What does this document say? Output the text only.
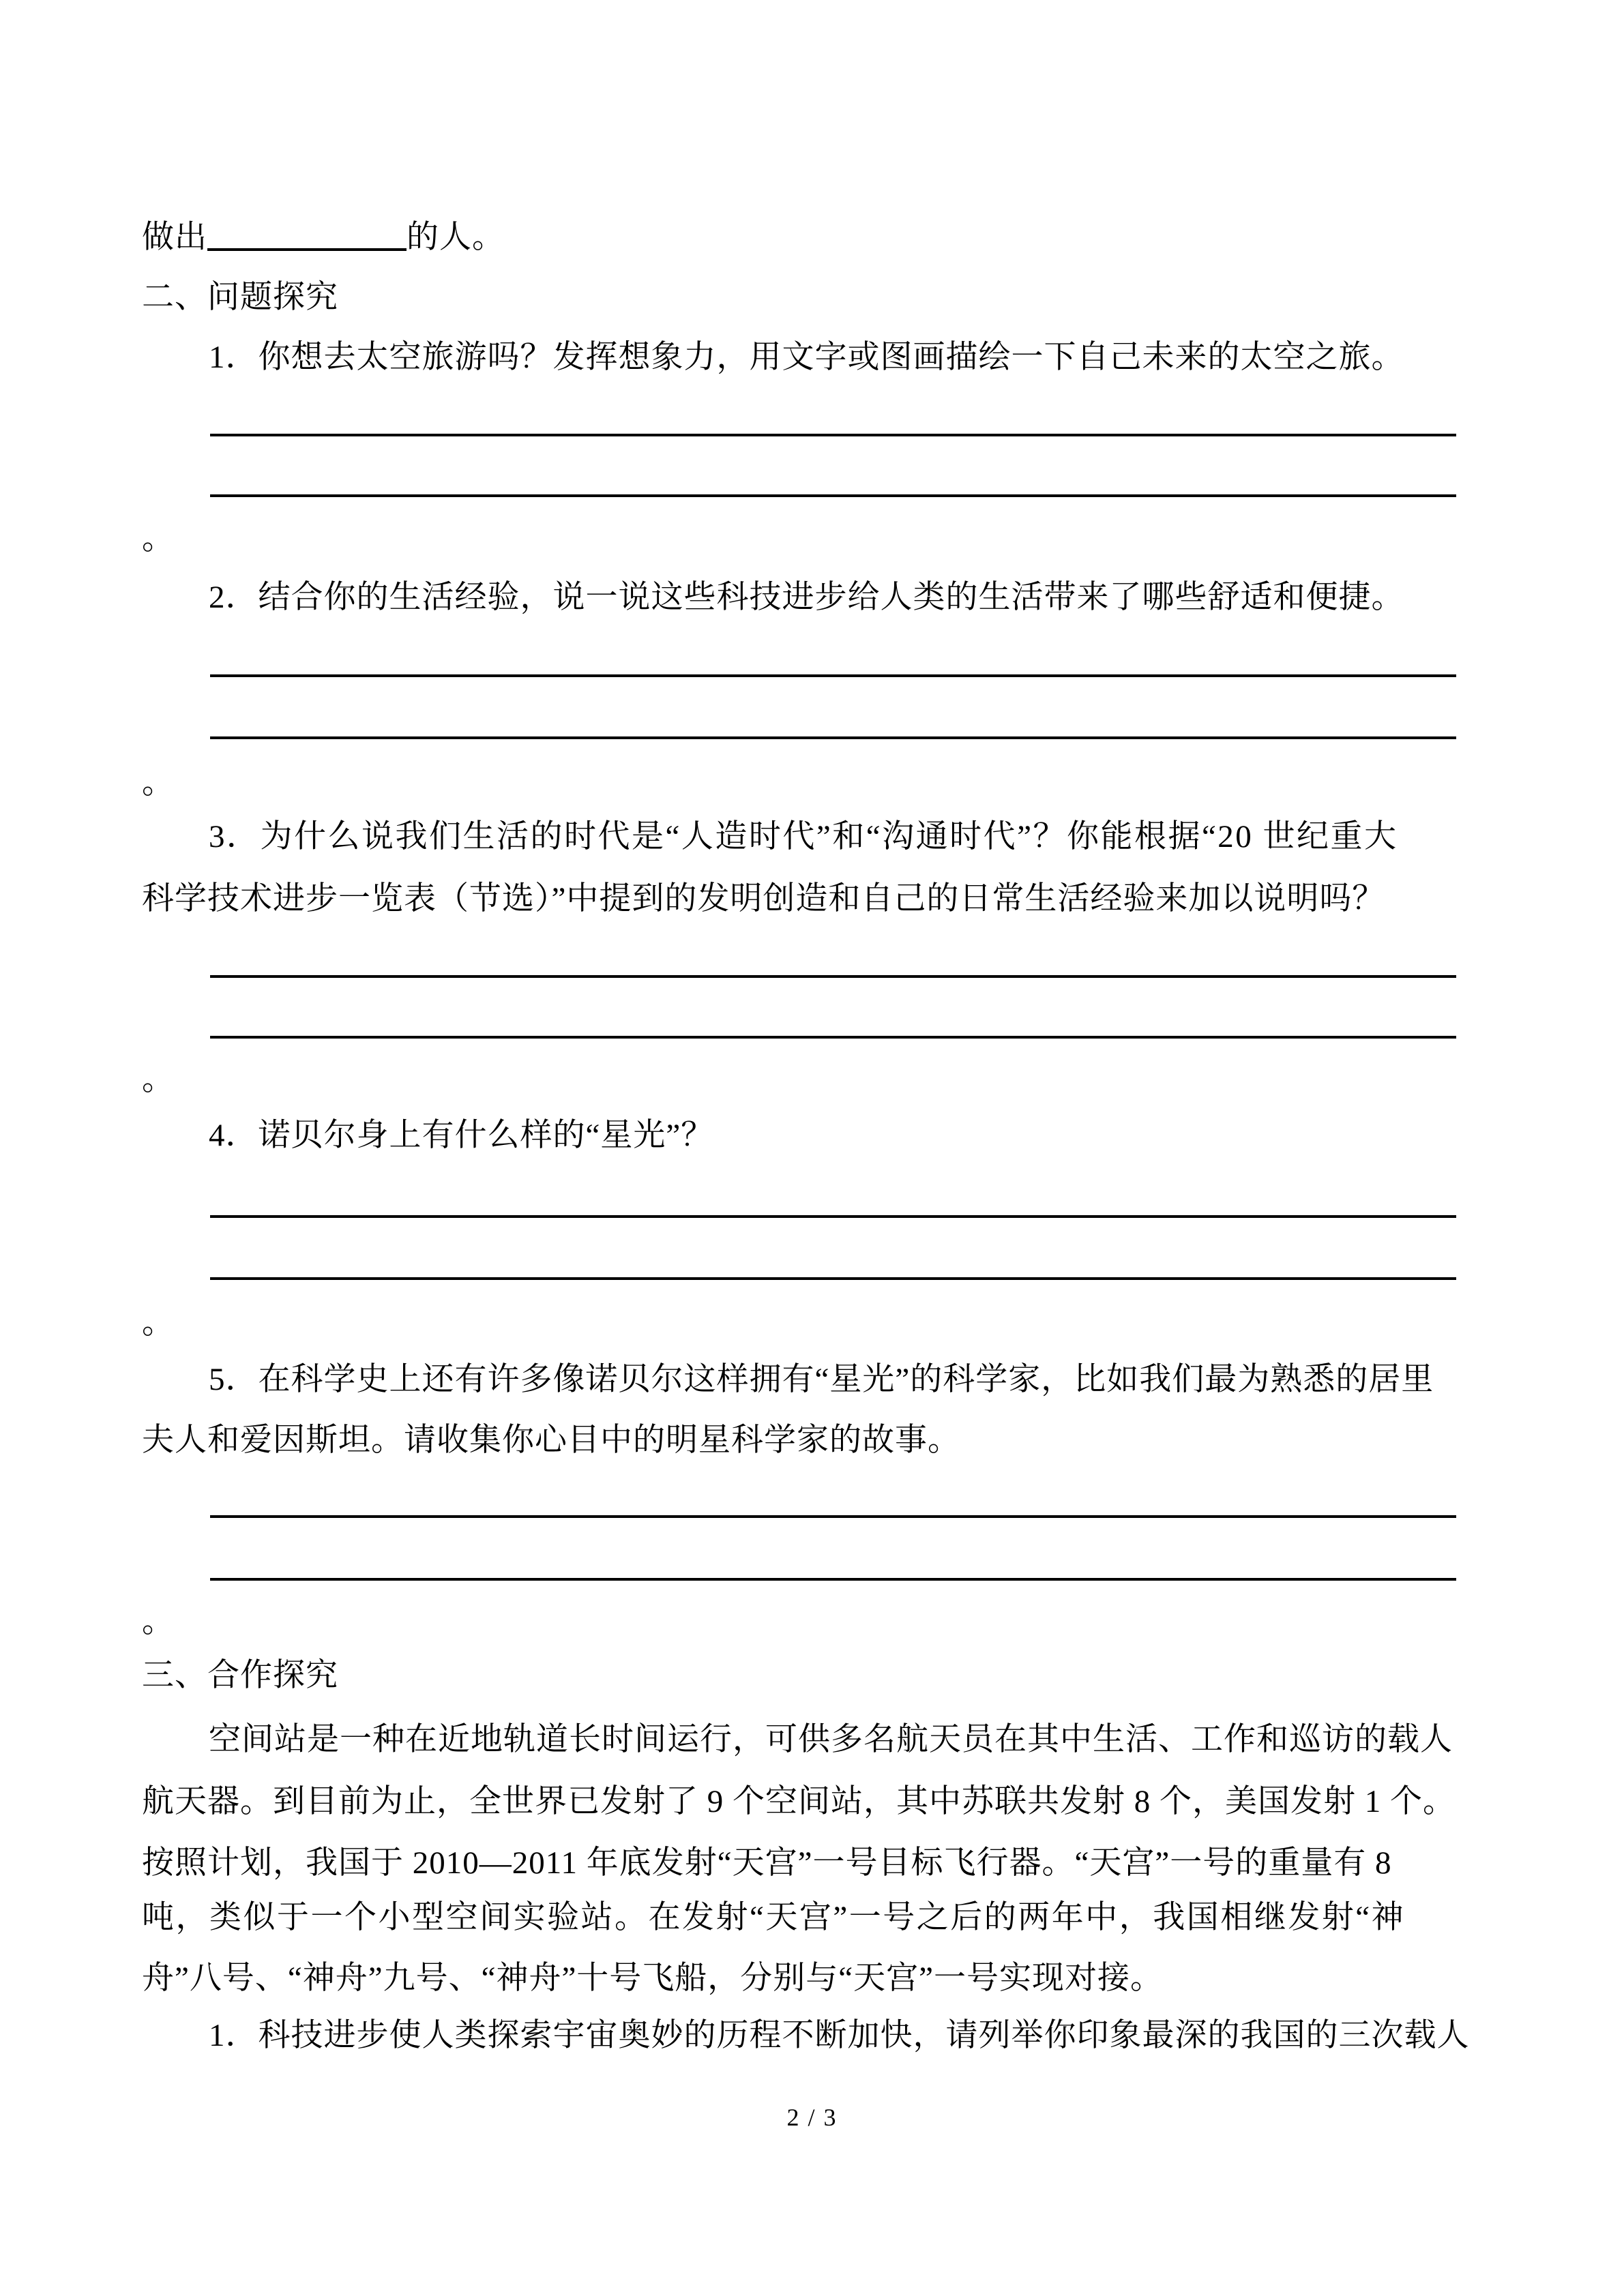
做出	的人。
二、问题探究
1．你想去太空旅游吗？发挥想象力，用文字或图画描绘一下自己未来的太空之旅。
。
2．结合你的生活经验，说一说这些科技进步给人类的生活带来了哪些舒适和便捷。
。
3．为什么说我们生活的时代是“人造时代”和“沟通时代”？你能根据“20 世纪重大
科学技术进步一览表（节选）”中提到的发明创造和自己的日常生活经验来加以说明吗？
。
4．诺贝尔身上有什么样的“星光”？
。
5．在科学史上还有许多像诺贝尔这样拥有“星光”的科学家，比如我们最为熟悉的居里
夫人和爱因斯坦。请收集你心目中的明星科学家的故事。
。
三、合作探究
空间站是一种在近地轨道长时间运行，可供多名航天员在其中生活、工作和巡访的载人
航天器。到目前为止，全世界已发射了 9 个空间站，其中苏联共发射 8 个，美国发射 1 个。
按照计划，我国于 2010—2011 年底发射“天宫”一号目标飞行器。“天宫”一号的重量有 8
吨，类似于一个小型空间实验站。在发射“天宫”一号之后的两年中，我国相继发射“神
舟”八号、“神舟”九号、“神舟”十号飞船，分别与“天宫”一号实现对接。
1．科技进步使人类探索宇宙奥妙的历程不断加快，请列举你印象最深的我国的三次载人
2 / 3
